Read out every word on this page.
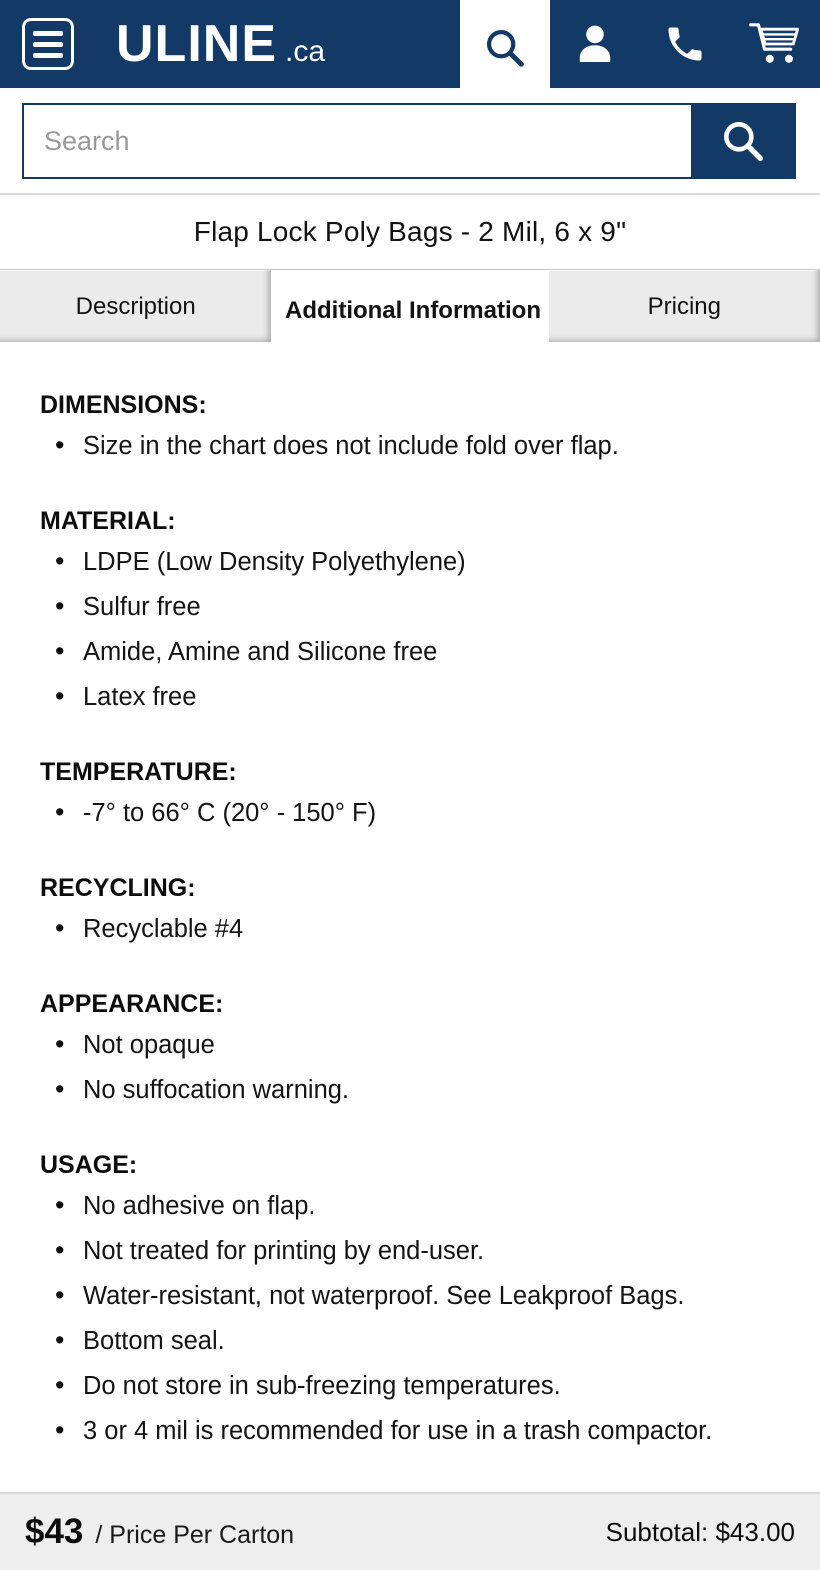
ULINE .ca
Search
Flap Lock Poly Bags - 2 Mil, 6 x 9"
Description	Additional Information	Pricing
DIMENSIONS:
• Size in the chart does not include fold over flap.
MATERIAL:
• LDPE (Low Density Polyethylene)
• Sulfur free
• Amide, Amine and Silicone free
• Latex free
TEMPERATURE:
• -7° to 66° C (20° - 150° F)
RECYCLING:
• Recyclable #4
APPEARANCE:
• Not opaque
• No suffocation warning.
USAGE:
• No adhesive on flap.
• Not treated for printing by end-user.
• Water-resistant, not waterproof. See Leakproof Bags.
• Bottom seal.
• Do not store in sub-freezing temperatures.
• 3 or 4 mil is recommended for use in a trash compactor.
$43 / Price Per Carton	Subtotal: $43.00
